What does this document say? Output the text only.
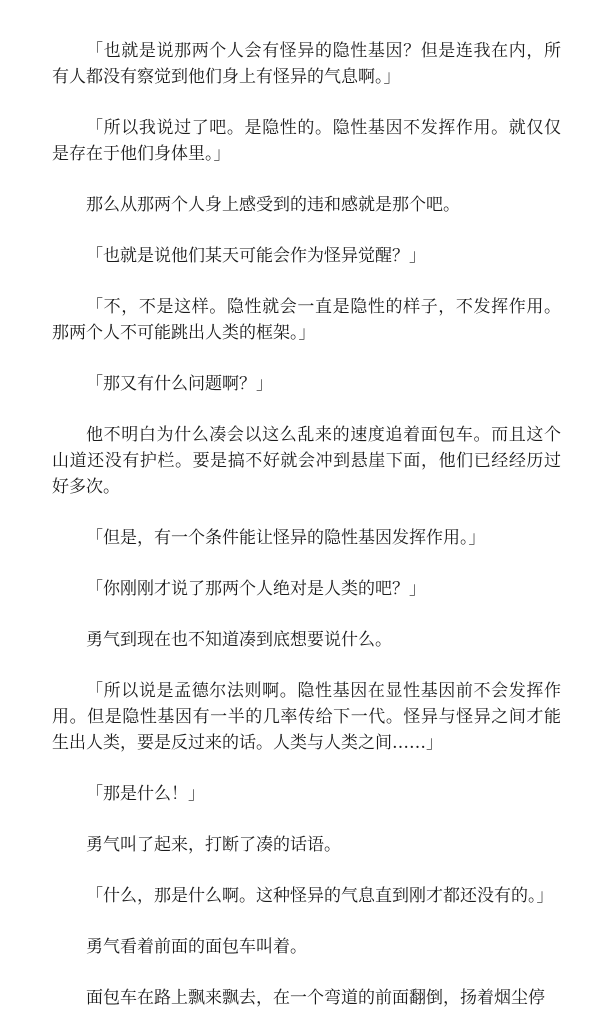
「也就是说那两个人会有怪异的隐性基因？但是连我在内，所有人都没有察觉到他们身上有怪异的气息啊。」

「所以我说过了吧。是隐性的。隐性基因不发挥作用。就仅仅是存在于他们身体里。」

那么从那两个人身上感受到的违和感就是那个吧。

「也就是说他们某天可能会作为怪异觉醒？」

「不，不是这样。隐性就会一直是隐性的样子，不发挥作用。那两个人不可能跳出人类的框架。」

「那又有什么问题啊？」

他不明白为什么凑会以这么乱来的速度追着面包车。而且这个山道还没有护栏。要是搞不好就会冲到悬崖下面，他们已经经历过好多次。

「但是，有一个条件能让怪异的隐性基因发挥作用。」

「你刚刚才说了那两个人绝对是人类的吧？」

勇气到现在也不知道凑到底想要说什么。

「所以说是孟德尔法则啊。隐性基因在显性基因前不会发挥作用。但是隐性基因有一半的几率传给下一代。怪异与怪异之间才能生出人类，要是反过来的话。人类与人类之间……」

「那是什么！」

勇气叫了起来，打断了凑的话语。

「什么，那是什么啊。这种怪异的气息直到刚才都还没有的。」

勇气看着前面的面包车叫着。

面包车在路上飘来飘去，在一个弯道的前面翻倒，扬着烟尘停
